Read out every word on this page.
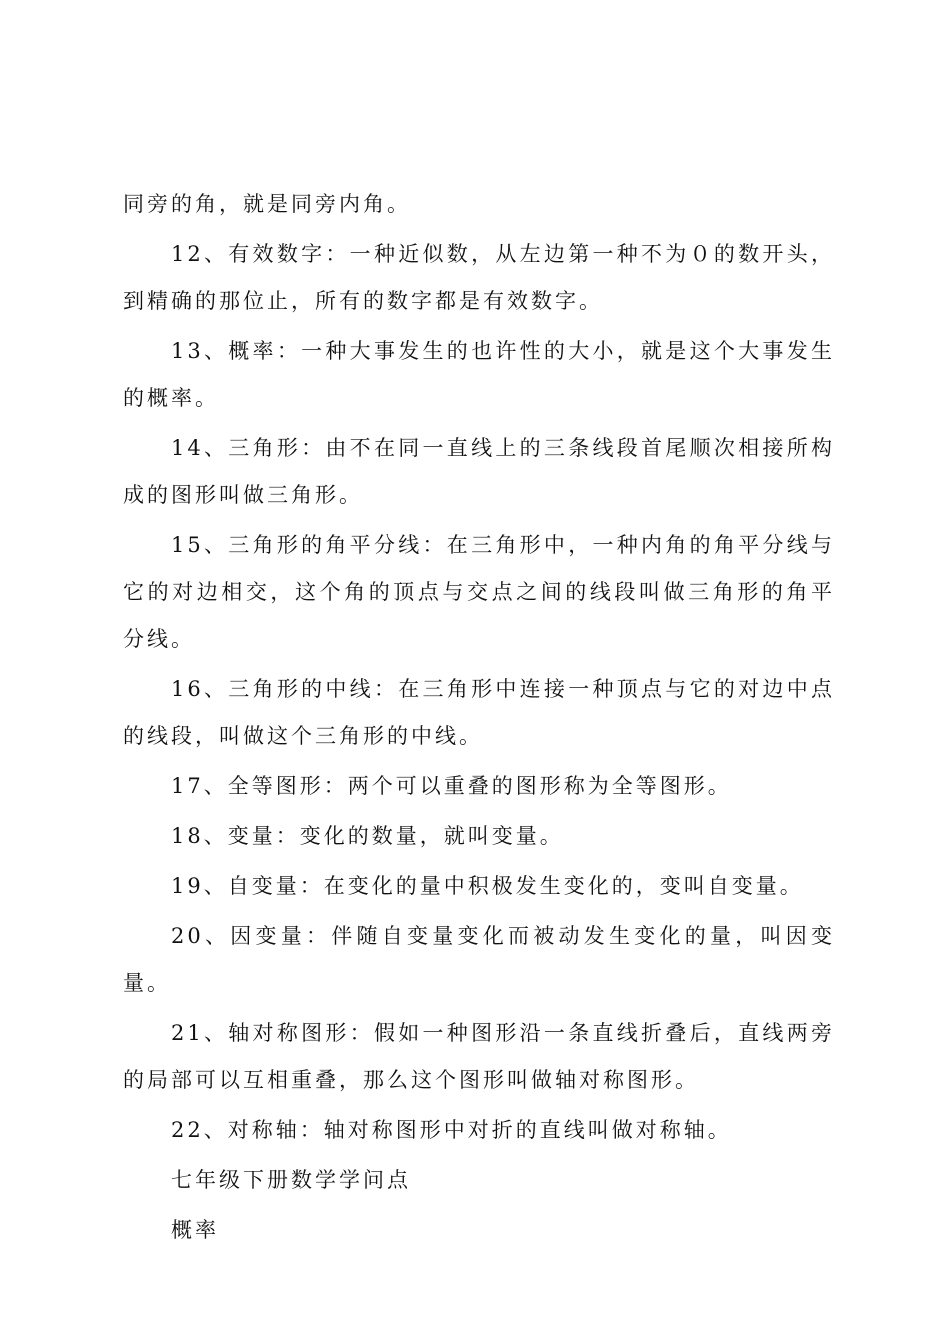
同旁的角，就是同旁内角。

12、有效数字：一种近似数，从左边第一种不为０的数开头，到精确的那位止，所有的数字都是有效数字。

13、概率：一种大事发生的也许性的大小，就是这个大事发生的概率。

14、三角形：由不在同一直线上的三条线段首尾顺次相接所构成的图形叫做三角形。

15、三角形的角平分线：在三角形中，一种内角的角平分线与它的对边相交，这个角的顶点与交点之间的线段叫做三角形的角平分线。

16、三角形的中线：在三角形中连接一种顶点与它的对边中点的线段，叫做这个三角形的中线。

17、全等图形：两个可以重叠的图形称为全等图形。

18、变量：变化的数量，就叫变量。

19、自变量：在变化的量中积极发生变化的，变叫自变量。

20、因变量：伴随自变量变化而被动发生变化的量，叫因变量。

21、轴对称图形：假如一种图形沿一条直线折叠后，直线两旁的局部可以互相重叠，那么这个图形叫做轴对称图形。

22、对称轴：轴对称图形中对折的直线叫做对称轴。

七年级下册数学学问点

概率
